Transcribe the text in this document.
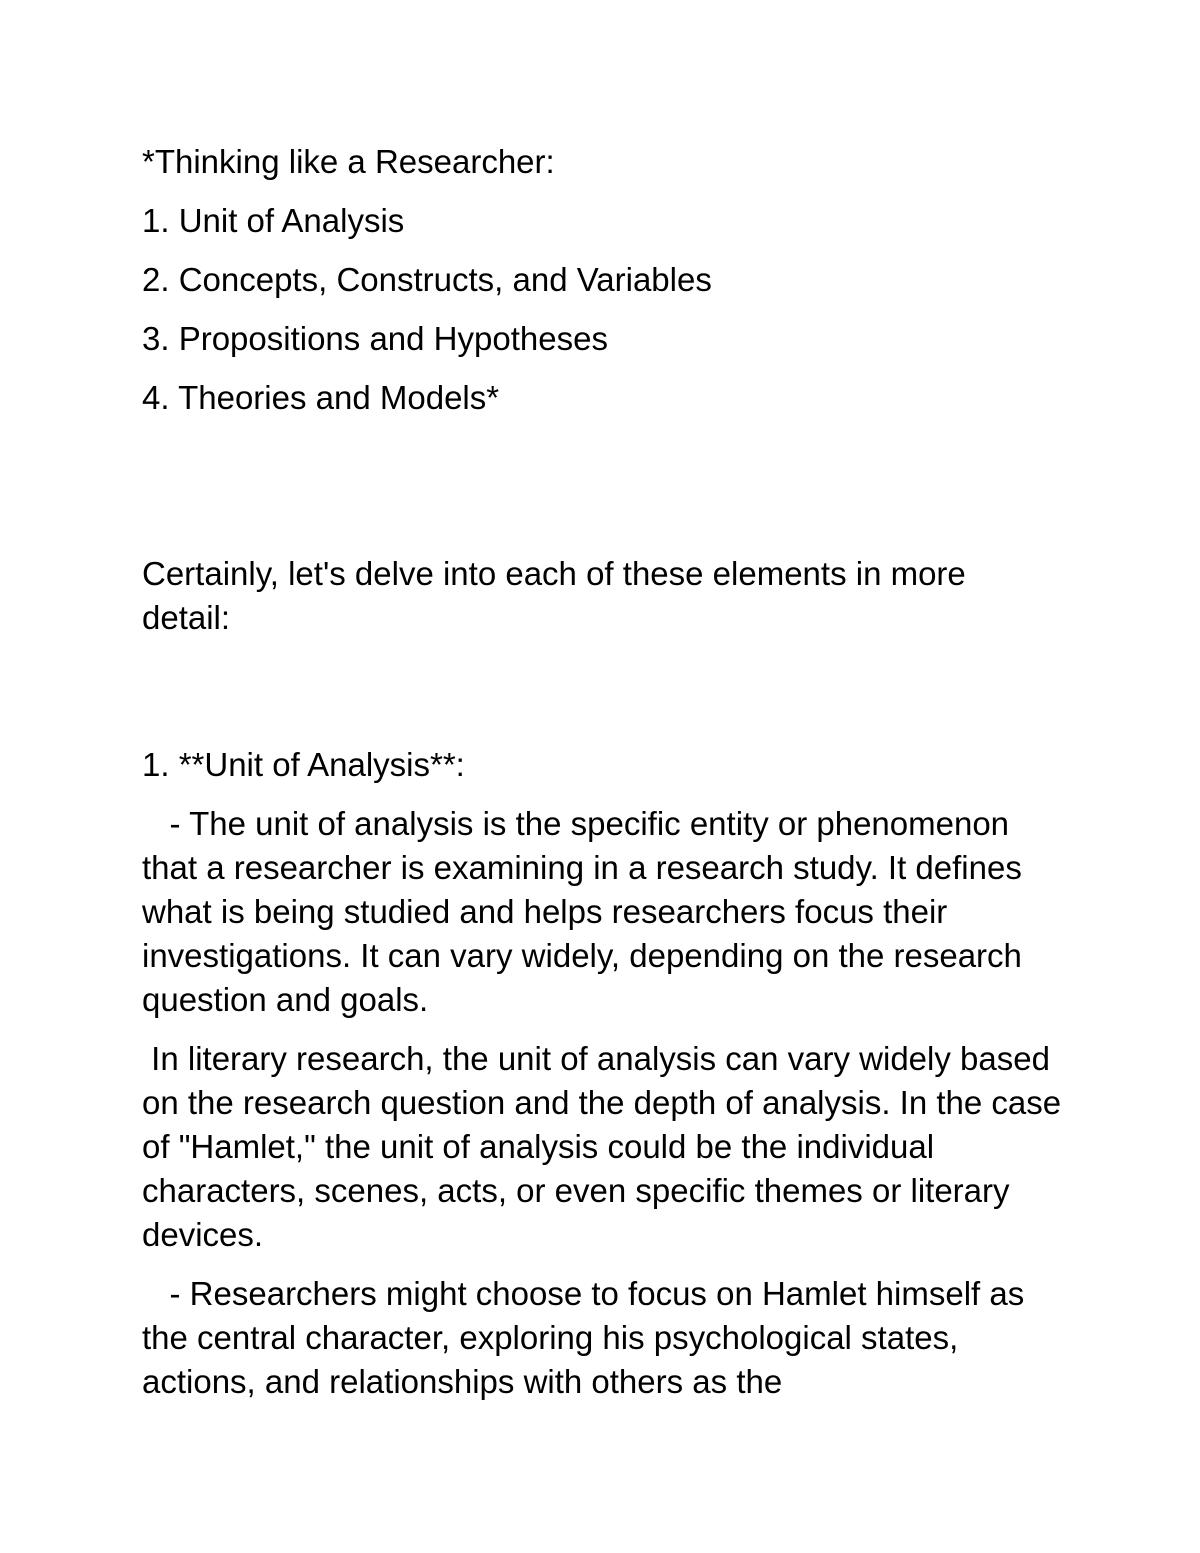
*Thinking like a Researcher:

1. Unit of Analysis

2. Concepts, Constructs, and Variables

3. Propositions and Hypotheses

4. Theories and Models*

Certainly, let's delve into each of these elements in more detail:

1. **Unit of Analysis**:

- The unit of analysis is the specific entity or phenomenon that a researcher is examining in a research study. It defines what is being studied and helps researchers focus their investigations. It can vary widely, depending on the research question and goals.

In literary research, the unit of analysis can vary widely based on the research question and the depth of analysis. In the case of "Hamlet," the unit of analysis could be the individual characters, scenes, acts, or even specific themes or literary devices.

- Researchers might choose to focus on Hamlet himself as the central character, exploring his psychological states, actions, and relationships with others as the
